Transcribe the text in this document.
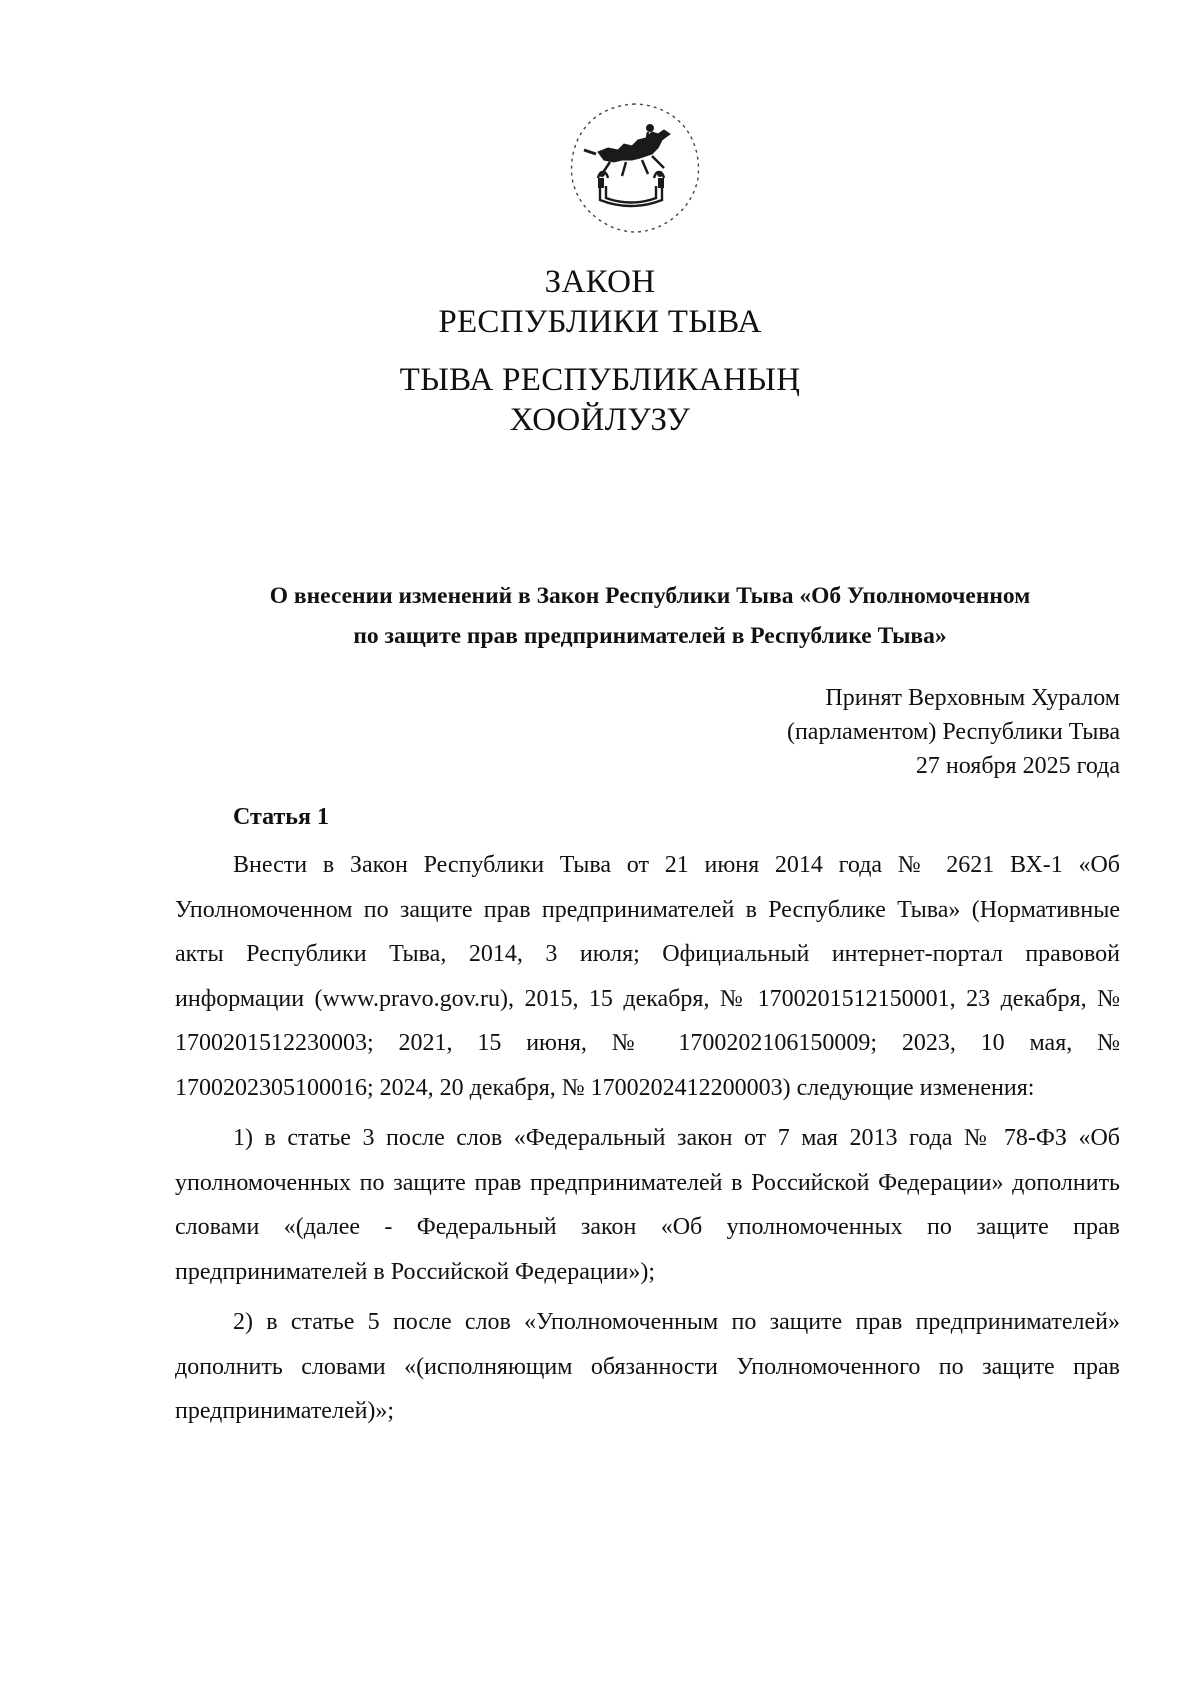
ЗАКОН
РЕСПУБЛИКИ ТЫВА
ТЫВА РЕСПУБЛИКАНЫҢ
ХООЙЛУЗУ
О внесении изменений в Закон Республики Тыва «Об Уполномоченном
по защите прав предпринимателей в Республике Тыва»
Принят Верховным Хуралом
(парламентом) Республики Тыва
27 ноября 2025 года
Статья 1

Внести в Закон Республики Тыва от 21 июня 2014 года № 2621 ВХ-1 «Об Уполномоченном по защите прав предпринимателей в Республике Тыва» (Нормативные акты Республики Тыва, 2014, 3 июля; Официальный интернет-портал правовой информации (www.pravo.gov.ru), 2015, 15 декабря, № 1700201512150001, 23 декабря, № 1700201512230003; 2021, 15 июня, № 1700202106150009; 2023, 10 мая, № 1700202305100016; 2024, 20 декабря, № 1700202412200003) следующие изменения:

1) в статье 3 после слов «Федеральный закон от 7 мая 2013 года № 78-ФЗ «Об уполномоченных по защите прав предпринимателей в Российской Федерации» дополнить словами «(далее - Федеральный закон «Об уполномоченных по защите прав предпринимателей в Российской Федерации»);

2) в статье 5 после слов «Уполномоченным по защите прав предпринимателей» дополнить словами «(исполняющим обязанности Уполномоченного по защите прав предпринимателей)»;
